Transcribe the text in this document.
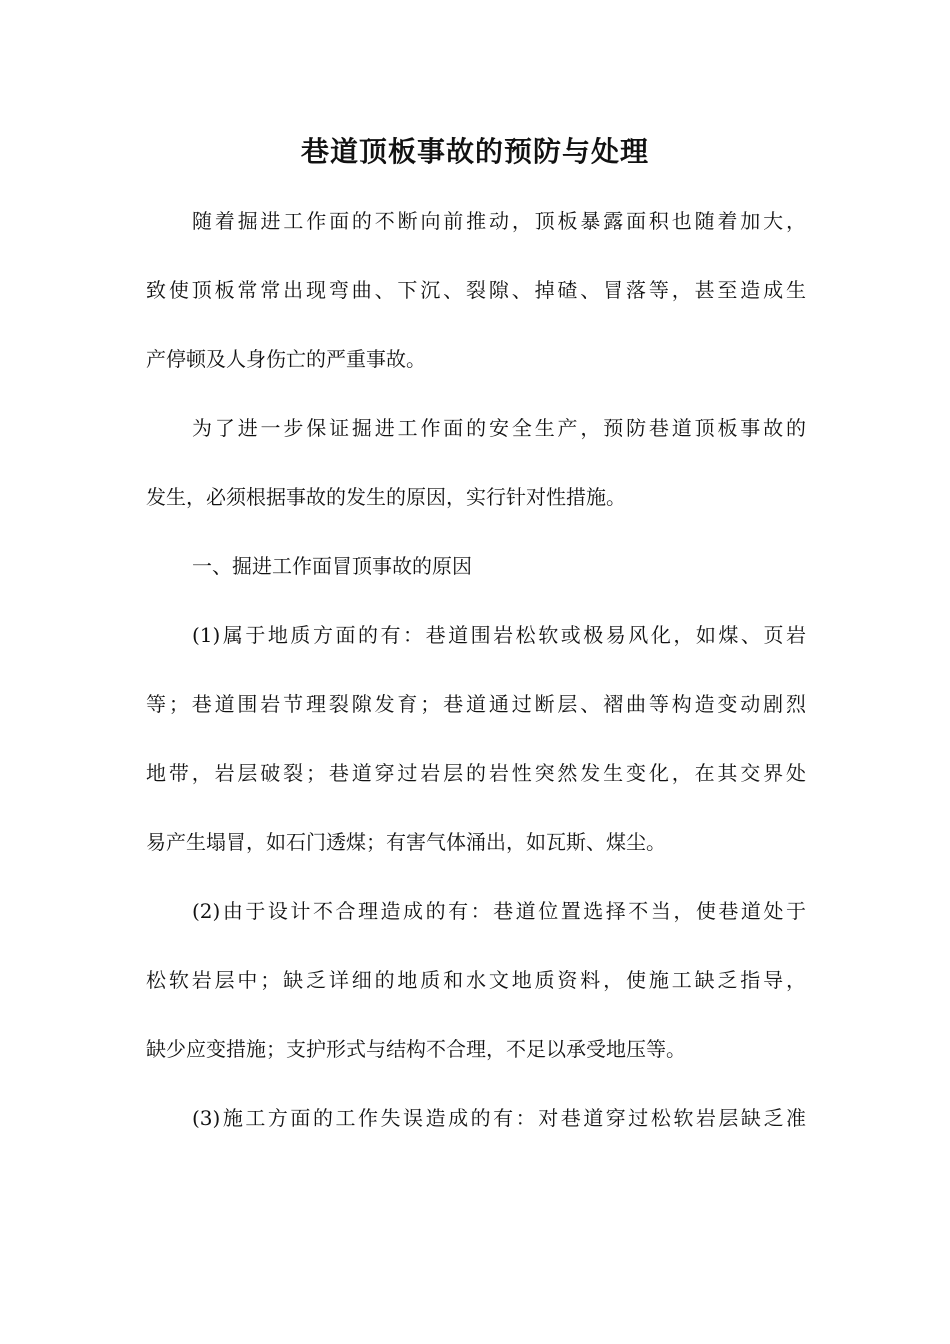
巷道顶板事故的预防与处理

随着掘进工作面的不断向前推动，顶板暴露面积也随着加大，

致使顶板常常出现弯曲、下沉、裂隙、掉碴、冒落等，甚至造成生

产停顿及人身伤亡的严重事故。

为了进一步保证掘进工作面的安全生产，预防巷道顶板事故的

发生，必须根据事故的发生的原因，实行针对性措施。

一、掘进工作面冒顶事故的原因

(1)属于地质方面的有：巷道围岩松软或极易风化，如煤、页岩

等；巷道围岩节理裂隙发育；巷道通过断层、褶曲等构造变动剧烈

地带，岩层破裂；巷道穿过岩层的岩性突然发生变化，在其交界处

易产生塌冒，如石门透煤；有害气体涌出，如瓦斯、煤尘。

(2)由于设计不合理造成的有：巷道位置选择不当，使巷道处于

松软岩层中；缺乏详细的地质和水文地质资料，使施工缺乏指导，

缺少应变措施；支护形式与结构不合理，不足以承受地压等。

(3)施工方面的工作失误造成的有：对巷道穿过松软岩层缺乏准
